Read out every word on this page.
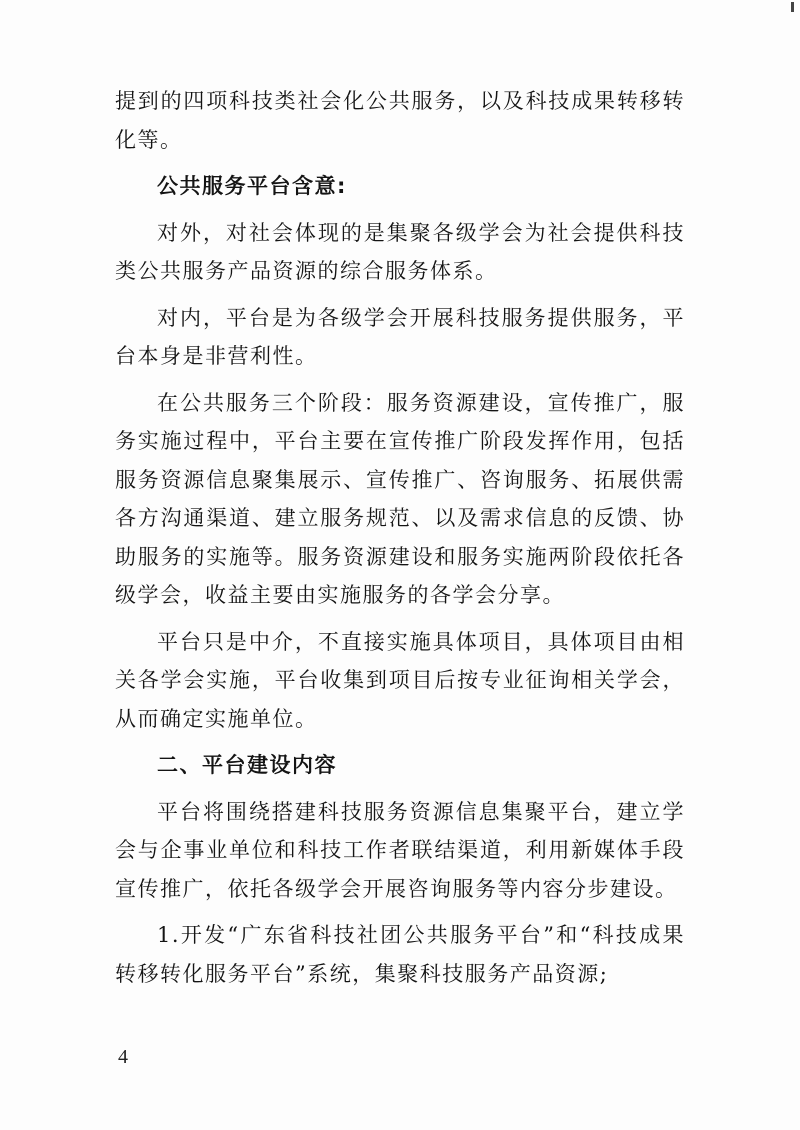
提到的四项科技类社会化公共服务，以及科技成果转移转化等。

公共服务平台含意:

对外，对社会体现的是集聚各级学会为社会提供科技类公共服务产品资源的综合服务体系。

对内，平台是为各级学会开展科技服务提供服务，平台本身是非营利性。

在公共服务三个阶段：服务资源建设，宣传推广，服务实施过程中，平台主要在宣传推广阶段发挥作用，包括服务资源信息聚集展示、宣传推广、咨询服务、拓展供需各方沟通渠道、建立服务规范、以及需求信息的反馈、协助服务的实施等。服务资源建设和服务实施两阶段依托各级学会，收益主要由实施服务的各学会分享。

平台只是中介，不直接实施具体项目，具体项目由相关各学会实施，平台收集到项目后按专业征询相关学会，从而确定实施单位。

二、平台建设内容

平台将围绕搭建科技服务资源信息集聚平台，建立学会与企事业单位和科技工作者联结渠道，利用新媒体手段宣传推广，依托各级学会开展咨询服务等内容分步建设。

1.开发“广东省科技社团公共服务平台”和“科技成果转移转化服务平台”系统，集聚科技服务产品资源;

4
